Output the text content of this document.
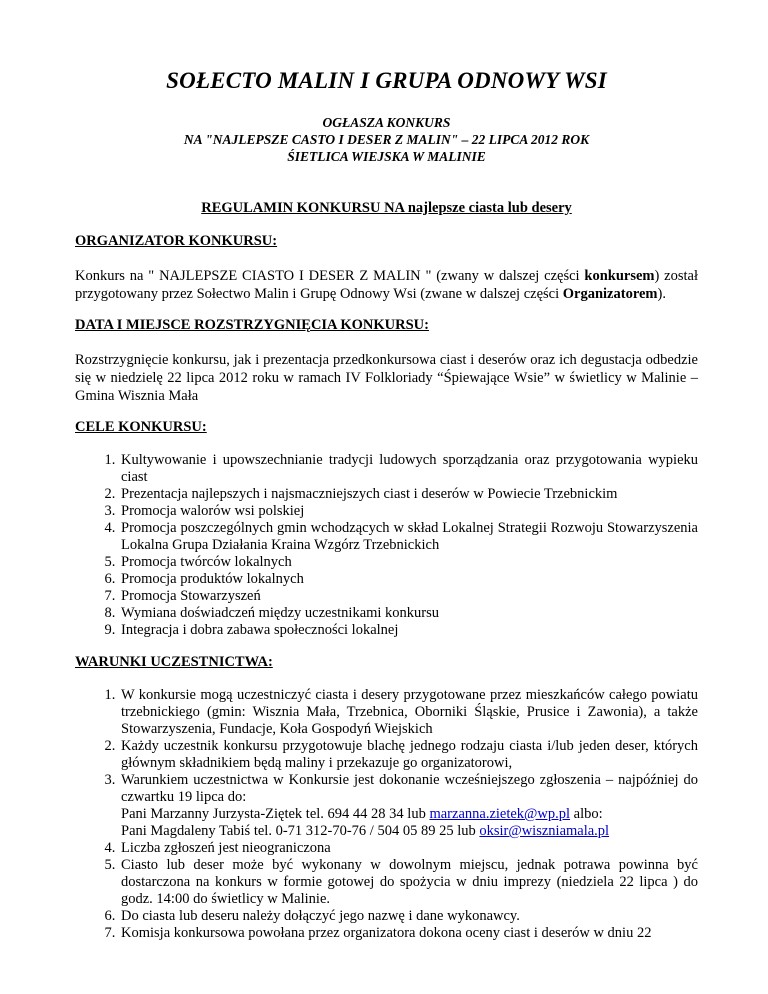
SOŁECTO MALIN I GRUPA ODNOWY WSI
OGŁASZA KONKURS
NA "NAJLEPSZE CASTO I DESER Z MALIN" – 22 LIPCA 2012 ROK
ŚIETLICA WIEJSKA W MALINIE
REGULAMIN KONKURSU NA najlepsze ciasta lub desery
ORGANIZATOR KONKURSU:

Konkurs na " NAJLEPSZE CIASTO I DESER Z MALIN " (zwany w dalszej części konkursem) został przygotowany przez Sołectwo Malin i Grupę Odnowy Wsi (zwane w dalszej części Organizatorem).

DATA I MIEJSCE ROZSTRZYGNIĘCIA KONKURSU:

Rozstrzygnięcie konkursu, jak i prezentacja przedkonkursowa ciast i deserów oraz ich degustacja odbedzie się w niedzielę 22 lipca 2012 roku w ramach IV Folkloriady “Śpiewające Wsie” w świetlicy w Malinie – Gmina Wisznia Mała

CELE KONKURSU:
1. Kultywowanie i upowszechnianie tradycji ludowych sporządzania oraz przygotowania wypieku ciast
2. Prezentacja najlepszych i najsmaczniejszych ciast i deserów w Powiecie Trzebnickim
3. Promocja walorów wsi polskiej
4. Promocja poszczególnych gmin wchodzących w skład Lokalnej Strategii Rozwoju Stowarzyszenia Lokalna Grupa Działania Kraina Wzgórz Trzebnickich
5. Promocja twórców lokalnych
6. Promocja produktów lokalnych
7. Promocja Stowarzyszeń
8. Wymiana doświadczeń między uczestnikami konkursu
9. Integracja i dobra zabawa społeczności lokalnej
WARUNKI UCZESTNICTWA:
1. W konkursie mogą uczestniczyć ciasta i desery przygotowane przez mieszkańców całego powiatu trzebnickiego (gmin: Wisznia Mała, Trzebnica, Oborniki Śląskie, Prusice i Zawonia), a także Stowarzyszenia, Fundacje, Koła Gospodyń Wiejskich
2. Każdy uczestnik konkursu przygotowuje blachę jednego rodzaju ciasta i/lub jeden deser, których głównym składnikiem będą maliny i przekazuje go organizatorowi,
3. Warunkiem uczestnictwa w Konkursie jest dokonanie wcześniejszego zgłoszenia – najpóźniej do czwartku 19 lipca do:
Pani Marzanny Jurzysta-Ziętek tel. 694 44 28 34 lub marzanna.zietek@wp.pl albo:
Pani Magdaleny Tabiś tel. 0-71 312-70-76 / 504 05 89 25 lub oksir@wiszniamala.pl
4. Liczba zgłoszeń jest nieograniczona
5. Ciasto lub deser może być wykonany w dowolnym miejscu, jednak potrawa powinna być dostarczona na konkurs w formie gotowej do spożycia w dniu imprezy (niedziela 22 lipca ) do godz. 14:00 do świetlicy w Malinie.
6. Do ciasta lub deseru należy dołączyć jego nazwę i dane wykonawcy.
7. Komisja konkursowa powołana przez organizatora dokona oceny ciast i deserów w dniu 22
